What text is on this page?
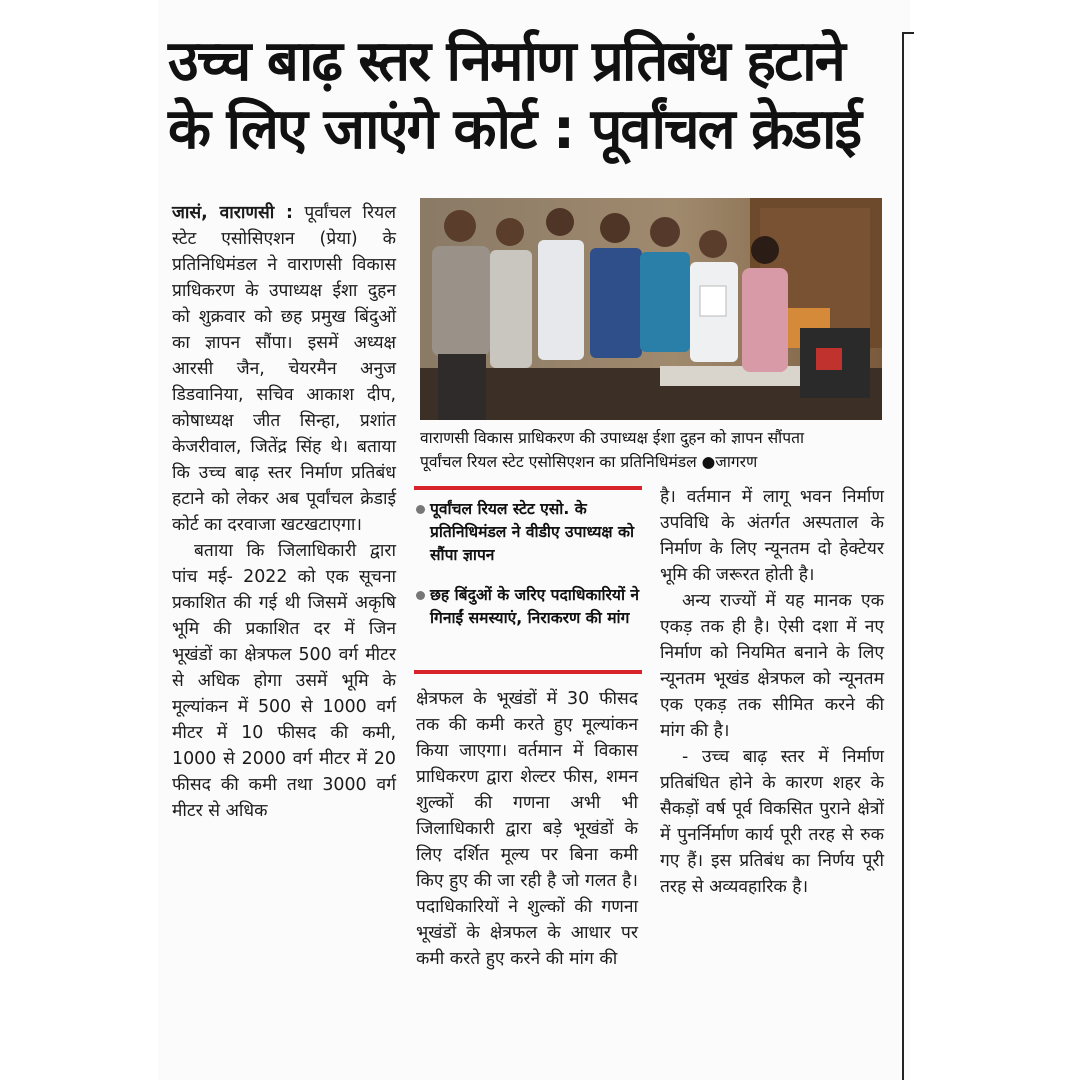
उच्च बाढ़ स्तर निर्माण प्रतिबंध हटाने
के लिए जाएंगे कोर्ट : पूर्वांचल क्रेडाई

जासं, वाराणसी : पूर्वांचल रियल स्टेट एसोसिएशन (प्रेया) के प्रतिनिधिमंडल ने वाराणसी विकास प्राधिकरण के उपाध्यक्ष ईशा दुहन को शुक्रवार को छह प्रमुख बिंदुओं का ज्ञापन सौंपा। इसमें अध्यक्ष आरसी जैन, चेयरमैन अनुज डिडवानिया, सचिव आकाश दीप, कोषाध्यक्ष जीत सिन्हा, प्रशांत केजरीवाल, जितेंद्र सिंह थे। बताया कि उच्च बाढ़ स्तर निर्माण प्रतिबंध हटाने को लेकर अब पूर्वांचल क्रेडाई कोर्ट का दरवाजा खटखटाएगा।

बताया कि जिलाधिकारी द्वारा पांच मई- 2022 को एक सूचना प्रकाशित की गई थी जिसमें अकृषि भूमि की प्रकाशित दर में जिन भूखंडों का क्षेत्रफल 500 वर्ग मीटर से अधिक होगा उसमें भूमि के मूल्यांकन में 500 से 1000 वर्ग मीटर में 10 फीसद की कमी, 1000 से 2000 वर्ग मीटर में 20 फीसद की कमी तथा 3000 वर्ग मीटर से अधिक

वाराणसी विकास प्राधिकरण की उपाध्यक्ष ईशा दुहन को ज्ञापन सौंपता

पूर्वांचल रियल स्टेट एसोसिएशन का प्रतिनिधिमंडल ●जागरण

पूर्वांचल रियल स्टेट एसो. के प्रतिनिधिमंडल ने वीडीए उपाध्यक्ष को सौंपा ज्ञापन

छह बिंदुओं के जरिए पदाधिकारियों ने गिनाईं समस्याएं, निराकरण की मांग

क्षेत्रफल के भूखंडों में 30 फीसद तक की कमी करते हुए मूल्यांकन किया जाएगा। वर्तमान में विकास प्राधिकरण द्वारा शेल्टर फीस, शमन शुल्कों की गणना अभी भी जिलाधिकारी द्वारा बड़े भूखंडों के लिए दर्शित मूल्य पर बिना कमी किए हुए की जा रही है जो गलत है। पदाधिकारियों ने शुल्कों की गणना भूखंडों के क्षेत्रफल के आधार पर कमी करते हुए करने की मांग की

है। वर्तमान में लागू भवन निर्माण उपविधि के अंतर्गत अस्पताल के निर्माण के लिए न्यूनतम दो हेक्टेयर भूमि की जरूरत होती है।

अन्य राज्यों में यह मानक एक एकड़ तक ही है। ऐसी दशा में नए निर्माण को नियमित बनाने के लिए न्यूनतम भूखंड क्षेत्रफल को न्यूनतम एक एकड़ तक सीमित करने की मांग की है।

- उच्च बाढ़ स्तर में निर्माण प्रतिबंधित होने के कारण शहर के सैकड़ों वर्ष पूर्व विकसित पुराने क्षेत्रों में पुनर्निर्माण कार्य पूरी तरह से रुक गए हैं। इस प्रतिबंध का निर्णय पूरी तरह से अव्यवहारिक है।
